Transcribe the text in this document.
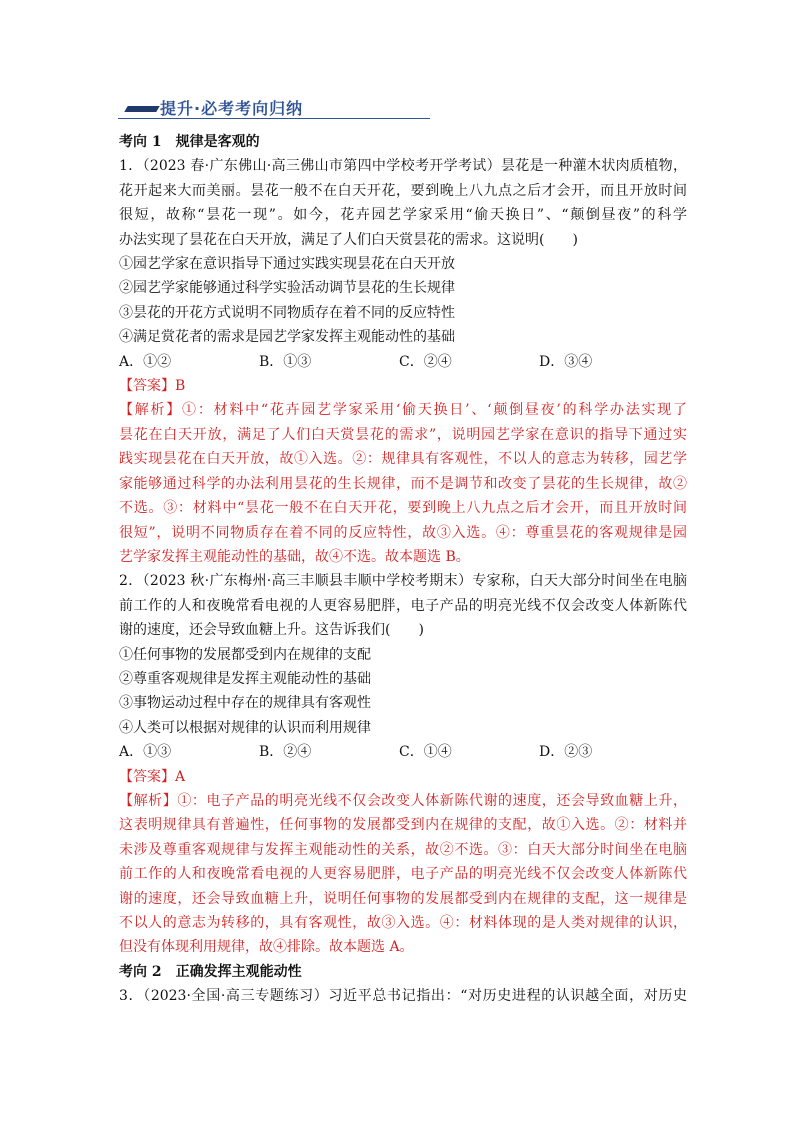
提升·必考考向归纳
考向 1　规律是客观的
1．（2023 春·广东佛山·高三佛山市第四中学校考开学考试）昙花是一种灌木状肉质植物，
花开起来大而美丽。昙花一般不在白天开花，要到晚上八九点之后才会开，而且开放时间
很短，故称“昙花一现”。如今，花卉园艺学家采用“偷天换日”、“颠倒昼夜”的科学
办法实现了昙花在白天开放，满足了人们白天赏昙花的需求。这说明(　　)
①园艺学家在意识指导下通过实践实现昙花在白天开放
②园艺学家能够通过科学实验活动调节昙花的生长规律
③昙花的开花方式说明不同物质存在着不同的反应特性
④满足赏花者的需求是园艺学家发挥主观能动性的基础
A．①②	B．①③	C．②④	D．③④
【答案】B
【解析】①：材料中“花卉园艺学家采用‘偷天换日’、‘颠倒昼夜’的科学办法实现了
昙花在白天开放，满足了人们白天赏昙花的需求”，说明园艺学家在意识的指导下通过实
践实现昙花在白天开放，故①入选。②：规律具有客观性，不以人的意志为转移，园艺学
家能够通过科学的办法利用昙花的生长规律，而不是调节和改变了昙花的生长规律，故②
不选。③：材料中“昙花一般不在白天开花，要到晚上八九点之后才会开，而且开放时间
很短”，说明不同物质存在着不同的反应特性，故③入选。④：尊重昙花的客观规律是园
艺学家发挥主观能动性的基础，故④不选。故本题选 B。
2．（2023 秋·广东梅州·高三丰顺县丰顺中学校考期末）专家称，白天大部分时间坐在电脑
前工作的人和夜晚常看电视的人更容易肥胖，电子产品的明亮光线不仅会改变人体新陈代
谢的速度，还会导致血糖上升。这告诉我们(　　)
①任何事物的发展都受到内在规律的支配
②尊重客观规律是发挥主观能动性的基础
③事物运动过程中存在的规律具有客观性
④人类可以根据对规律的认识而利用规律
A．①③	B．②④	C．①④	D．②③
【答案】A
【解析】①：电子产品的明亮光线不仅会改变人体新陈代谢的速度，还会导致血糖上升，
这表明规律具有普遍性，任何事物的发展都受到内在规律的支配，故①入选。②：材料并
未涉及尊重客观规律与发挥主观能动性的关系，故②不选。③：白天大部分时间坐在电脑
前工作的人和夜晚常看电视的人更容易肥胖，电子产品的明亮光线不仅会改变人体新陈代
谢的速度，还会导致血糖上升，说明任何事物的发展都受到内在规律的支配，这一规律是
不以人的意志为转移的，具有客观性，故③入选。④：材料体现的是人类对规律的认识，
但没有体现利用规律，故④排除。故本题选 A。
考向 2　正确发挥主观能动性
3．（2023·全国·高三专题练习）习近平总书记指出：“对历史进程的认识越全面，对历史
